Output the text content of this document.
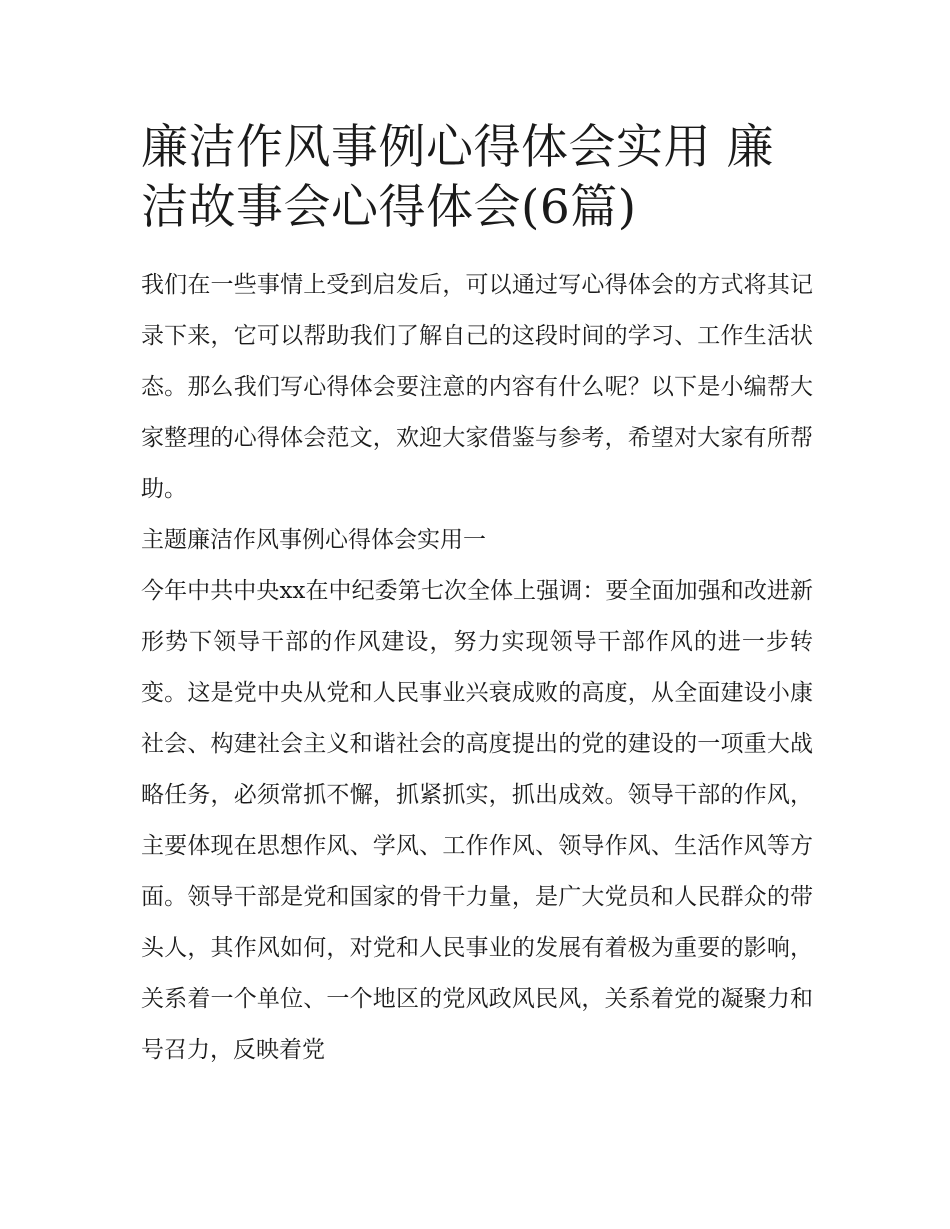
廉洁作风事例心得体会实用 廉洁故事会心得体会(6篇)

我们在一些事情上受到启发后，可以通过写心得体会的方式将其记录下来，它可以帮助我们了解自己的这段时间的学习、工作生活状态。那么我们写心得体会要注意的内容有什么呢？以下是小编帮大家整理的心得体会范文，欢迎大家借鉴与参考，希望对大家有所帮助。

主题廉洁作风事例心得体会实用一

今年中共中央xx在中纪委第七次全体上强调：要全面加强和改进新形势下领导干部的作风建设，努力实现领导干部作风的进一步转变。这是党中央从党和人民事业兴衰成败的高度，从全面建设小康社会、构建社会主义和谐社会的高度提出的党的建设的一项重大战略任务，必须常抓不懈，抓紧抓实，抓出成效。领导干部的作风，主要体现在思想作风、学风、工作作风、领导作风、生活作风等方面。领导干部是党和国家的骨干力量，是广大党员和人民群众的带头人，其作风如何，对党和人民事业的发展有着极为重要的影响，关系着一个单位、一个地区的党风政风民风，关系着党的凝聚力和号召力，反映着党
